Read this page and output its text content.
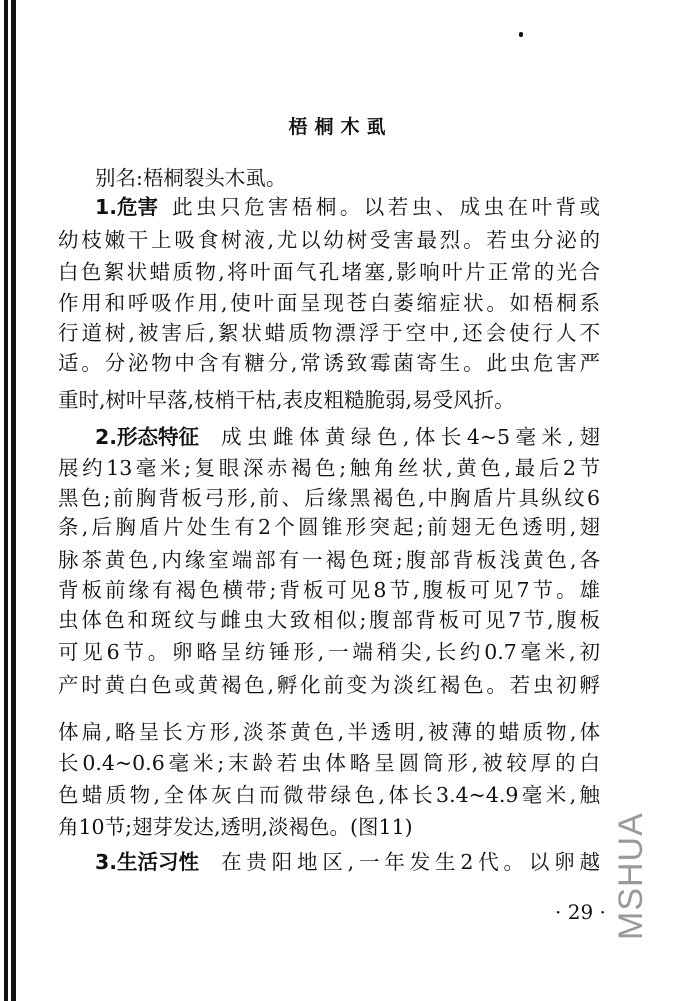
梧桐木虱
别名:梧桐裂头木虱。
1.危害 此虫只危害梧桐。以若虫、成虫在叶背或
幼枝嫩干上吸食树液,尤以幼树受害最烈。若虫分泌的
白色絮状蜡质物,将叶面气孔堵塞,影响叶片正常的光合
作用和呼吸作用,使叶面呈现苍白萎缩症状。如梧桐系
行道树,被害后,絮状蜡质物漂浮于空中,还会使行人不
适。分泌物中含有糖分,常诱致霉菌寄生。此虫危害严
重时,树叶早落,枝梢干枯,表皮粗糙脆弱,易受风折。
2.形态特征 成虫雌体黄绿色,体长4~5毫米,翅
展约13毫米;复眼深赤褐色;触角丝状,黄色,最后2节
黑色;前胸背板弓形,前、后缘黑褐色,中胸盾片具纵纹6
条,后胸盾片处生有2个圆锥形突起;前翅无色透明,翅
脉茶黄色,内缘室端部有一褐色斑;腹部背板浅黄色,各
背板前缘有褐色横带;背板可见8节,腹板可见7节。雄
虫体色和斑纹与雌虫大致相似;腹部背板可见7节,腹板
可见6节。卵略呈纺锤形,一端稍尖,长约0.7毫米,初
产时黄白色或黄褐色,孵化前变为淡红褐色。若虫初孵
体扁,略呈长方形,淡茶黄色,半透明,被薄的蜡质物,体
长0.4~0.6毫米;末龄若虫体略呈圆筒形,被较厚的白
色蜡质物,全体灰白而微带绿色,体长3.4~4.9毫米,触
角10节;翅芽发达,透明,淡褐色。(图11)
3.生活习性 在贵阳地区,一年发生2代。以卵越
· 29 · MSHUA
